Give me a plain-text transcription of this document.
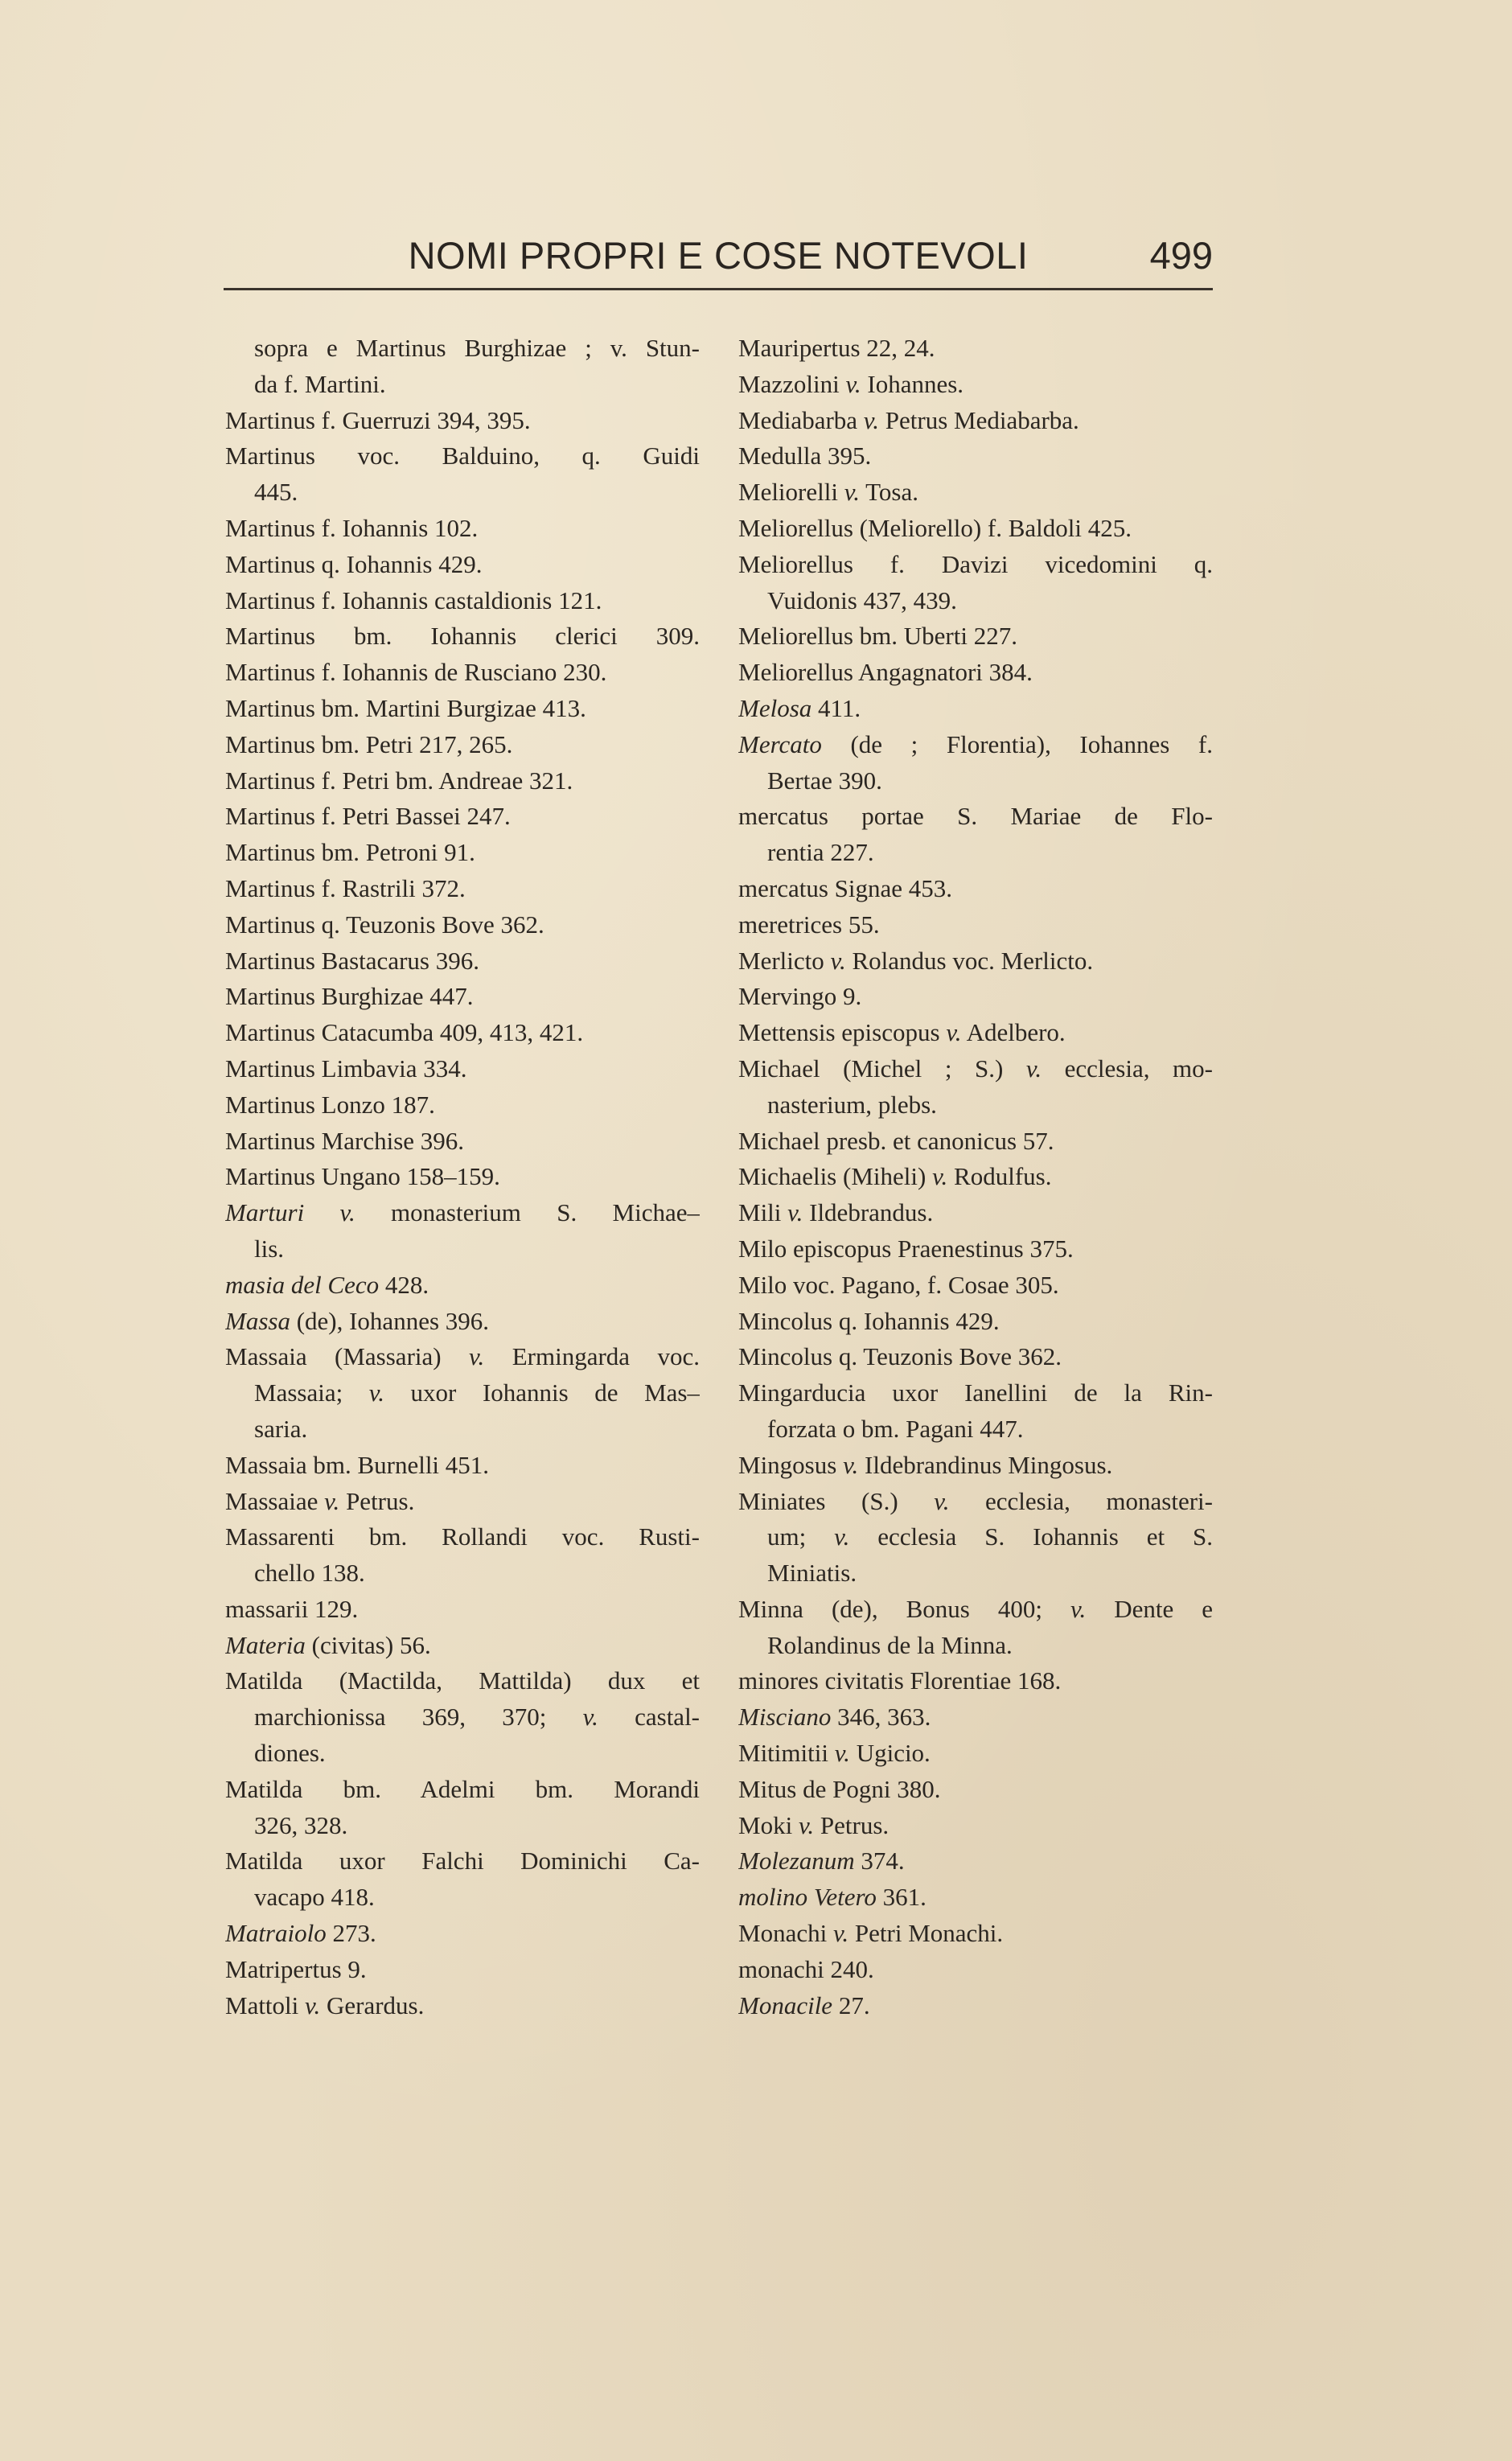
NOMI PROPRI E COSE NOTEVOLI	499
sopra e Martinus Burghizae ; v. Stun-
da f. Martini.
Martinus f. Guerruzi 394, 395.
Martinus voc. Balduino, q. Guidi
445.
Martinus f. Iohannis 102.
Martinus q. Iohannis 429.
Martinus f. Iohannis castaldionis 121.
Martinus bm. Iohannis clerici 309.
Martinus f. Iohannis de Rusciano 230.
Martinus bm. Martini Burgizae 413.
Martinus bm. Petri 217, 265.
Martinus f. Petri bm. Andreae 321.
Martinus f. Petri Bassei 247.
Martinus bm. Petroni 91.
Martinus f. Rastrili 372.
Martinus q. Teuzonis Bove 362.
Martinus Bastacarus 396.
Martinus Burghizae 447.
Martinus Catacumba 409, 413, 421.
Martinus Limbavia 334.
Martinus Lonzo 187.
Martinus Marchise 396.
Martinus Ungano 158–159.
Marturi v. monasterium S. Michae–
lis.
masia del Ceco 428.
Massa (de), Iohannes 396.
Massaia (Massaria) v. Ermingarda voc.
Massaia; v. uxor Iohannis de Mas–
saria.
Massaia bm. Burnelli 451.
Massaiae v. Petrus.
Massarenti bm. Rollandi voc. Rusti-
chello 138.
massarii 129.
Materia (civitas) 56.
Matilda (Mactilda, Mattilda) dux et
marchionissa 369, 370; v. castal-
diones.
Matilda bm. Adelmi bm. Morandi
326, 328.
Matilda uxor Falchi Dominichi Ca-
vacapo 418.
Matraiolo 273.
Matripertus 9.
Mattoli v. Gerardus.
Mauripertus 22, 24.
Mazzolini v. Iohannes.
Mediabarba v. Petrus Mediabarba.
Medulla 395.
Meliorelli v. Tosa.
Meliorellus (Meliorello) f. Baldoli 425.
Meliorellus f. Davizi vicedomini q.
Vuidonis 437, 439.
Meliorellus bm. Uberti 227.
Meliorellus Angagnatori 384.
Melosa 411.
Mercato (de ; Florentia), Iohannes f.
Bertae 390.
mercatus portae S. Mariae de Flo-
rentia 227.
mercatus Signae 453.
meretrices 55.
Merlicto v. Rolandus voc. Merlicto.
Mervingo 9.
Mettensis episcopus v. Adelbero.
Michael (Michel ; S.) v. ecclesia, mo-
nasterium, plebs.
Michael presb. et canonicus 57.
Michaelis (Miheli) v. Rodulfus.
Mili v. Ildebrandus.
Milo episcopus Praenestinus 375.
Milo voc. Pagano, f. Cosae 305.
Mincolus q. Iohannis 429.
Mincolus q. Teuzonis Bove 362.
Mingarducia uxor Ianellini de la Rin-
forzata o bm. Pagani 447.
Mingosus v. Ildebrandinus Mingosus.
Miniates (S.) v. ecclesia, monasteri-
um; v. ecclesia S. Iohannis et S.
Miniatis.
Minna (de), Bonus 400; v. Dente e
Rolandinus de la Minna.
minores civitatis Florentiae 168.
Misciano 346, 363.
Mitimitii v. Ugicio.
Mitus de Pogni 380.
Moki v. Petrus.
Molezanum 374.
molino Vetero 361.
Monachi v. Petri Monachi.
monachi 240.
Monacile 27.
